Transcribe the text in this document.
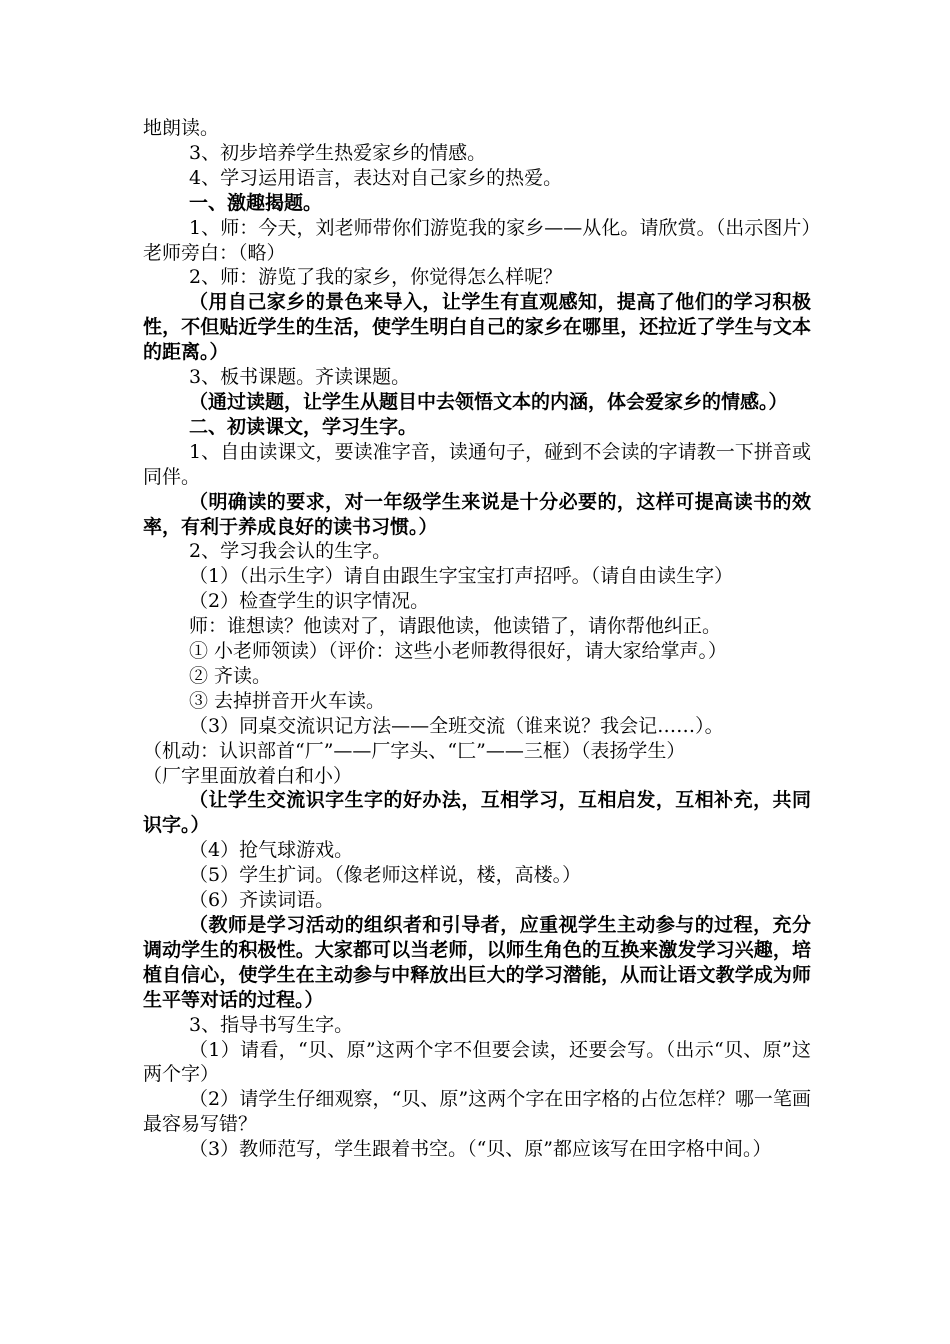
地朗读。

3、初步培养学生热爱家乡的情感。

4、学习运用语言，表达对自己家乡的热爱。

一、激趣揭题。

1、师：今天，刘老师带你们游览我的家乡——从化。请欣赏。（出示图片）老师旁白：（略）

2、师：游览了我的家乡，你觉得怎么样呢？

（用自己家乡的景色来导入，让学生有直观感知，提高了他们的学习积极性，不但贴近学生的生活，使学生明白自己的家乡在哪里，还拉近了学生与文本的距离。）

3、板书课题。齐读课题。

（通过读题，让学生从题目中去领悟文本的内涵，体会爱家乡的情感。）

二、初读课文，学习生字。

1、自由读课文，要读准字音，读通句子，碰到不会读的字请教一下拼音或同伴。

（明确读的要求，对一年级学生来说是十分必要的，这样可提高读书的效率，有利于养成良好的读书习惯。）

2、学习我会认的生字。

（1）（出示生字）请自由跟生字宝宝打声招呼。（请自由读生字）

（2）检查学生的识字情况。

师：谁想读？他读对了，请跟他读，他读错了，请你帮他纠正。

① 小老师领读）（评价：这些小老师教得很好，请大家给掌声。）

② 齐读。

③ 去掉拼音开火车读。

（3）同桌交流识记方法——全班交流（谁来说？我会记……）。

（机动：认识部首“厂”——厂字头、“匚”——三框）（表扬学生）

（厂字里面放着白和小）

（让学生交流识字生字的好办法，互相学习，互相启发，互相补充，共同识字。）

（4）抢气球游戏。

（5）学生扩词。（像老师这样说，楼，高楼。）

（6）齐读词语。

（教师是学习活动的组织者和引导者，应重视学生主动参与的过程，充分调动学生的积极性。大家都可以当老师，以师生角色的互换来激发学习兴趣，培植自信心，使学生在主动参与中释放出巨大的学习潜能，从而让语文教学成为师生平等对话的过程。）

3、指导书写生字。

（1）请看，“贝、原”这两个字不但要会读，还要会写。（出示“贝、原”这两个字）

（2）请学生仔细观察，“贝、原”这两个字在田字格的占位怎样？哪一笔画最容易写错？

（3）教师范写，学生跟着书空。（“贝、原”都应该写在田字格中间。）
